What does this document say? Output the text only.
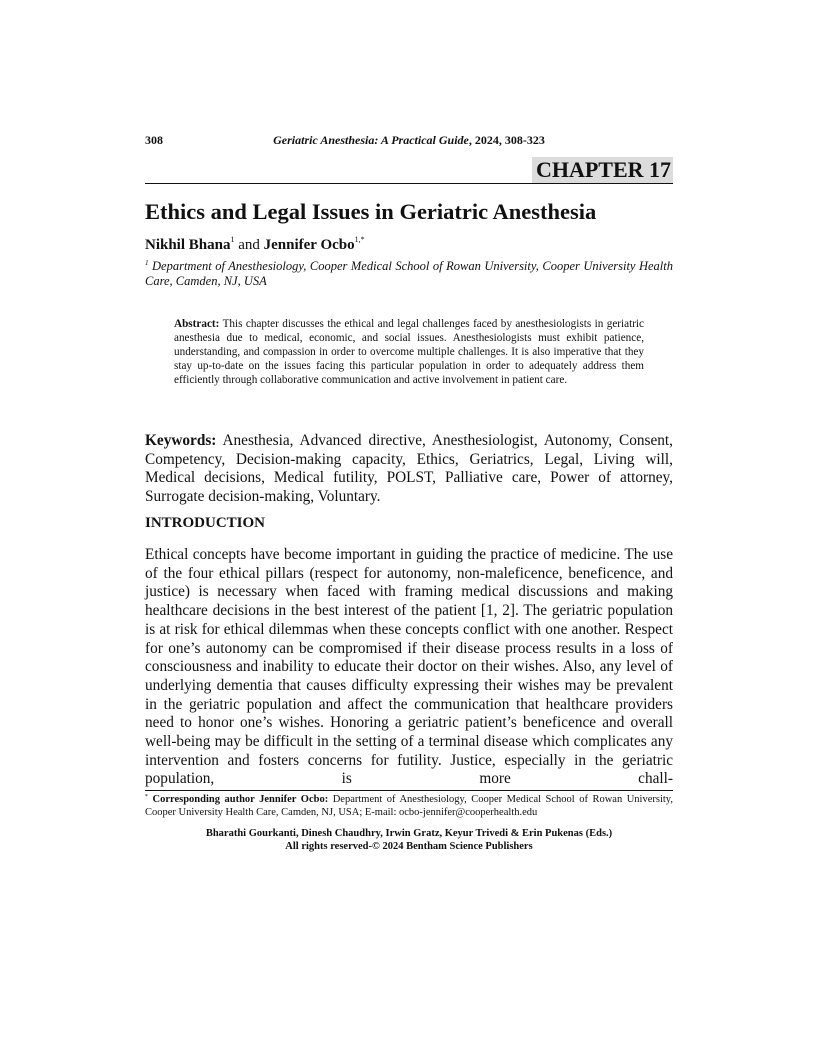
308	Geriatric Anesthesia: A Practical Guide, 2024, 308-323
CHAPTER 17
Ethics and Legal Issues in Geriatric Anesthesia
Nikhil Bhana$^1$ and Jennifer Ocbo$^{1,*}$
$^1$ Department of Anesthesiology, Cooper Medical School of Rowan University, Cooper University Health Care, Camden, NJ, USA
Abstract: This chapter discusses the ethical and legal challenges faced by anesthesiologists in geriatric anesthesia due to medical, economic, and social issues. Anesthesiologists must exhibit patience, understanding, and compassion in order to overcome multiple challenges. It is also imperative that they stay up-to-date on the issues facing this particular population in order to adequately address them efficiently through collaborative communication and active involvement in patient care.
Keywords: Anesthesia, Advanced directive, Anesthesiologist, Autonomy, Consent, Competency, Decision-making capacity, Ethics, Geriatrics, Legal, Living will, Medical decisions, Medical futility, POLST, Palliative care, Power of attorney, Surrogate decision-making, Voluntary.
INTRODUCTION
Ethical concepts have become important in guiding the practice of medicine. The use of the four ethical pillars (respect for autonomy, non-maleficence, beneficence, and justice) is necessary when faced with framing medical discussions and making healthcare decisions in the best interest of the patient [1, 2]. The geriatric population is at risk for ethical dilemmas when these concepts conflict with one another. Respect for one’s autonomy can be compromised if their disease process results in a loss of consciousness and inability to educate their doctor on their wishes. Also, any level of underlying dementia that causes difficulty expressing their wishes may be prevalent in the geriatric population and affect the communication that healthcare providers need to honor one’s wishes. Honoring a geriatric patient’s beneficence and overall well-being may be difficult in the setting of a terminal disease which complicates any intervention and fosters concerns for futility. Justice, especially in the geriatric population, is more chall-
* Corresponding author Jennifer Ocbo: Department of Anesthesiology, Cooper Medical School of Rowan University, Cooper University Health Care, Camden, NJ, USA; E-mail: ocbo-jennifer@cooperhealth.edu
Bharathi Gourkanti, Dinesh Chaudhry, Irwin Gratz, Keyur Trivedi & Erin Pukenas (Eds.)
All rights reserved-© 2024 Bentham Science Publishers
